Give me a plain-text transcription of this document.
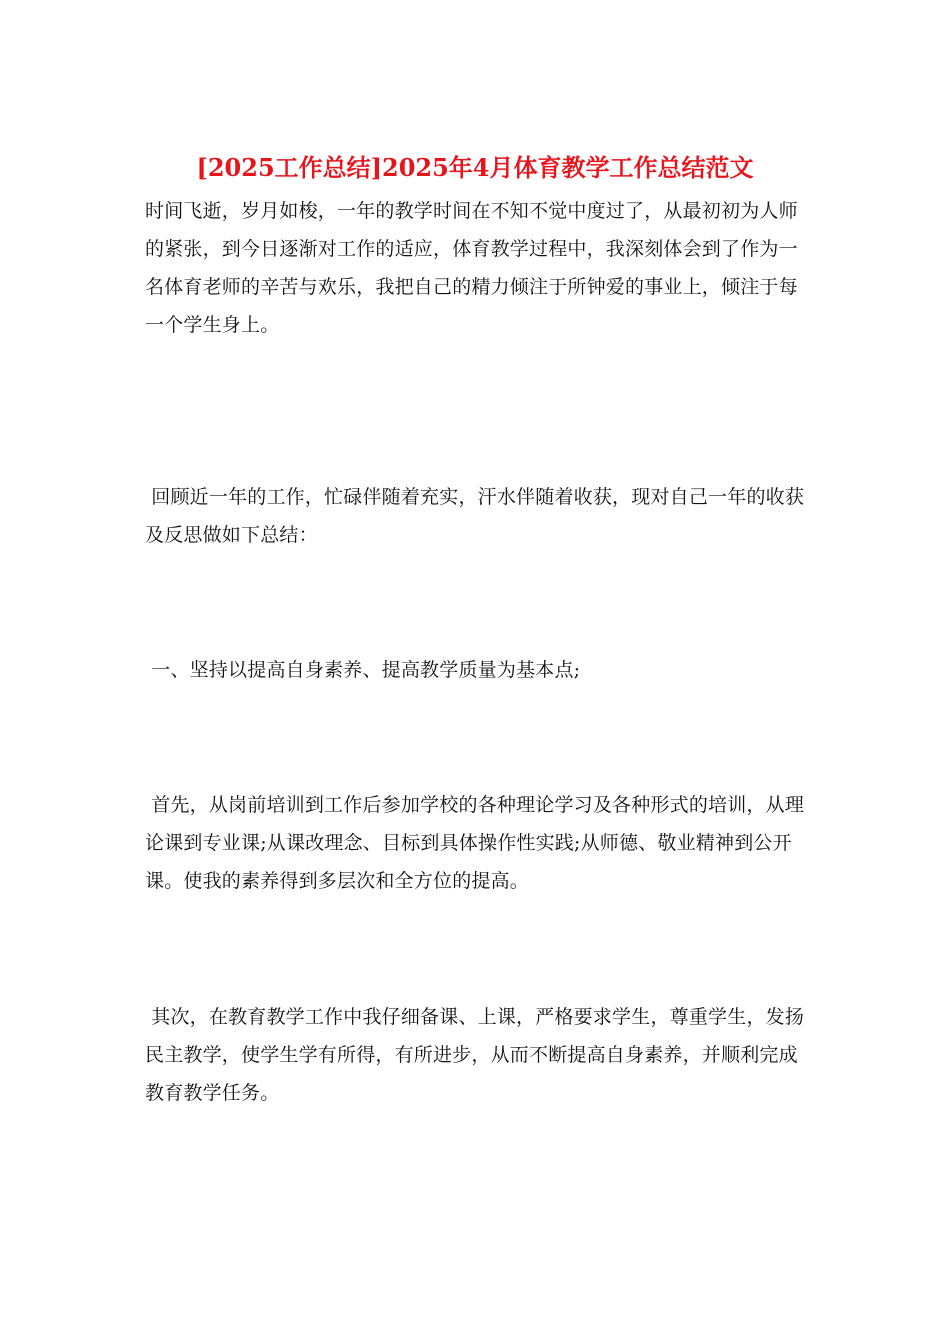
[2025工作总结]2025年4月体育教学工作总结范文

时间飞逝，岁月如梭，一年的教学时间在不知不觉中度过了，从最初初为人师的紧张，到今日逐渐对工作的适应，体育教学过程中，我深刻体会到了作为一名体育老师的辛苦与欢乐，我把自己的精力倾注于所钟爱的事业上，倾注于每一个学生身上。

回顾近一年的工作，忙碌伴随着充实，汗水伴随着收获，现对自己一年的收获及反思做如下总结：

一、坚持以提高自身素养、提高教学质量为基本点;

首先，从岗前培训到工作后参加学校的各种理论学习及各种形式的培训，从理论课到专业课;从课改理念、目标到具体操作性实践;从师德、敬业精神到公开课。使我的素养得到多层次和全方位的提高。

其次，在教育教学工作中我仔细备课、上课，严格要求学生，尊重学生，发扬民主教学，使学生学有所得，有所进步，从而不断提高自身素养，并顺利完成教育教学任务。
